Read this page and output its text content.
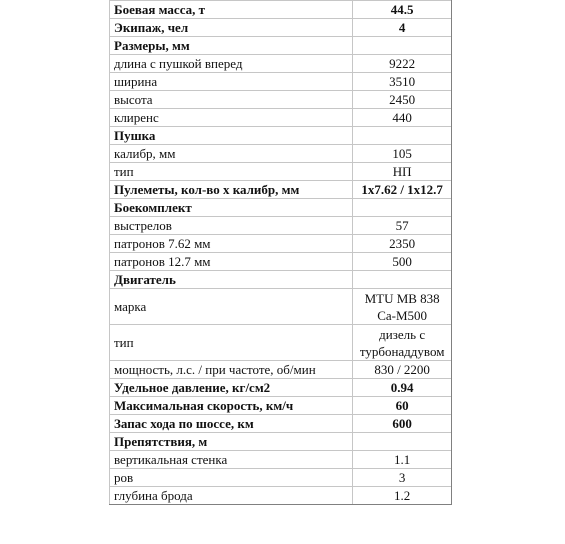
Боевая масса, т	44.5
Экипаж, чел	4
Размеры, мм	
длина с пушкой вперед	9222
ширина	3510
высота	2450
клиренс	440
Пушка	
калибр, мм	105
тип	НП
Пулеметы, кол-во х калибр, мм	1x7.62 / 1x12.7
Боекомплект	
выстрелов	57
патронов 7.62 мм	2350
патронов 12.7 мм	500
Двигатель	
марка	MTU MB 838 Ca-M500
тип	дизель с турбонаддувом
мощность, л.с. / при частоте, об/мин	830 / 2200
Удельное давление, кг/см2	0.94
Максимальная скорость, км/ч	60
Запас хода по шоссе, км	600
Препятствия, м	
вертикальная стенка	1.1
ров	3
глубина брода	1.2
